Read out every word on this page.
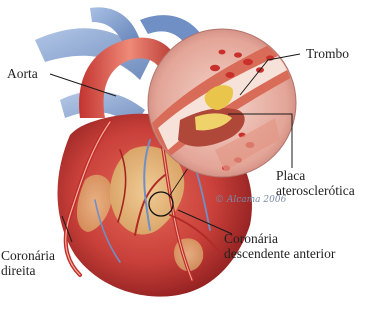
Aorta
Trombo
Placa
aterosclerótica
Coronária
direita
Coronária
descendente anterior
© Alcama 2006
